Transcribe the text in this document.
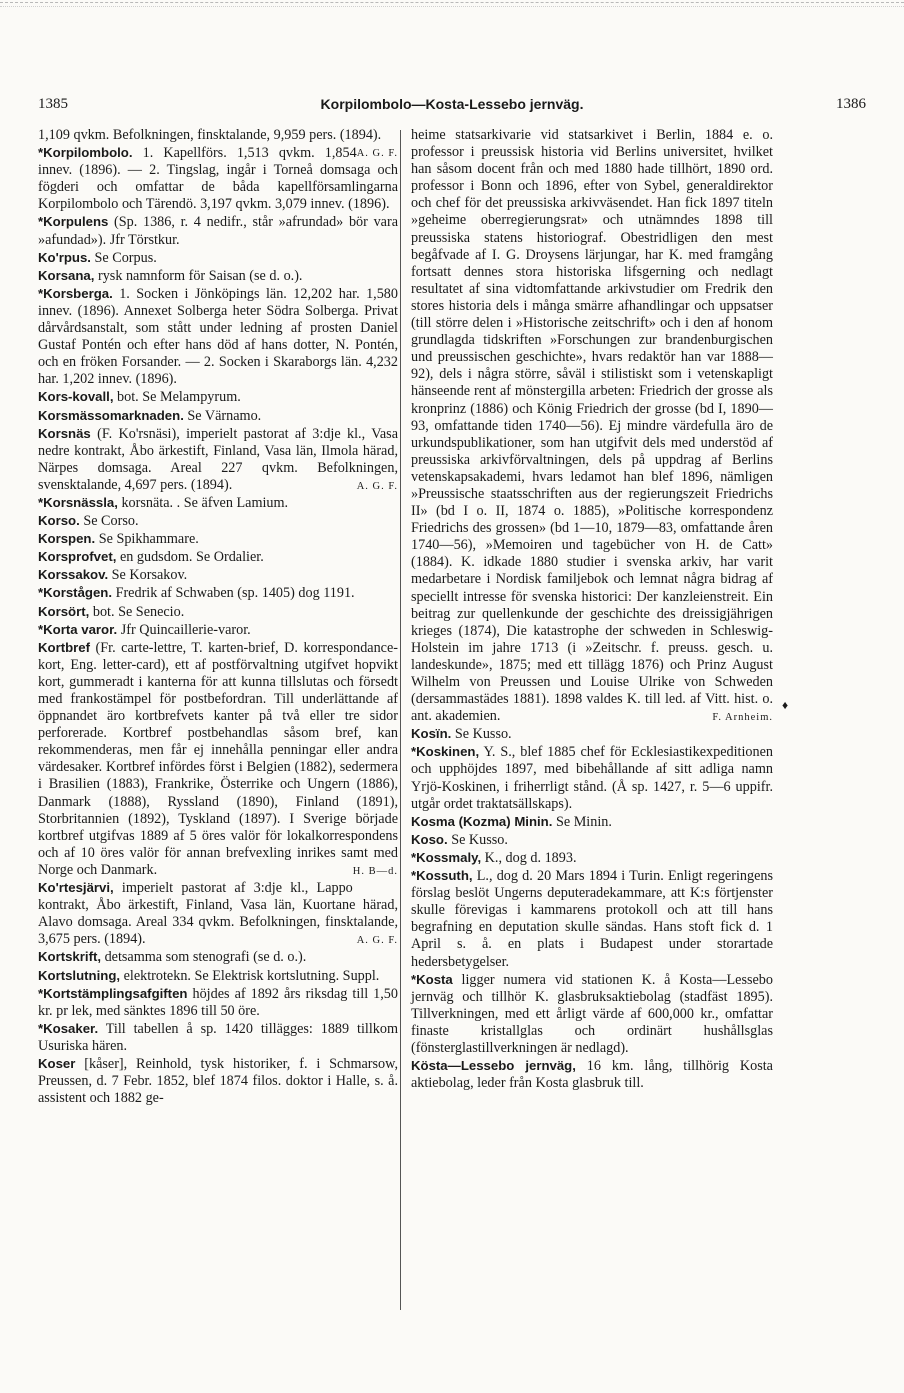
1385	Korpilombolo—Kosta-Lessebo jernväg.	1386

1,109 qvkm. Befolkningen, finsktalande, 9,959 pers. (1894).
A. G. F.

*Korpilombolo. 1. Kapellförs. 1,513 qvkm. 1,854 innev. (1896). — 2. Tingslag, ingår i Torneå domsaga och fögderi och omfattar de båda kapellförsamlingarna Korpilombolo och Tärendö. 3,197 qvkm. 3,079 innev. (1896).

*Korpulens (Sp. 1386, r. 4 nedifr., står »afrundad» bör vara »afundad»). Jfr Törstkur.

Ko'rpus. Se Corpus.

Korsana, rysk namnform för Saisan (se d. o.).

*Korsberga. 1. Socken i Jönköpings län. 12,202 har. 1,580 innev. (1896). Annexet Solberga heter Södra Solberga. Privat dårvårdsanstalt, som stått under ledning af prosten Daniel Gustaf Pontén och efter hans död af hans dotter, N. Pontén, och en fröken Forsander. — 2. Socken i Skaraborgs län. 4,232 har. 1,202 innev. (1896).

Kors-kovall, bot. Se Melampyrum.

Korsmässomarknaden. Se Värnamo.

Korsnäs (F. Ko'rsnäsi), imperielt pastorat af 3:dje kl., Vasa nedre kontrakt, Åbo ärkestift, Finland, Vasa län, Ilmola härad, Närpes domsaga. Areal 227 qvkm. Befolkningen, svensktalande, 4,697 pers. (1894).	A. G. F.

*Korsnässla, korsnäta. . Se äfven Lamium.

Korso. Se Corso.

Korspen. Se Spikhammare.

Korsprofvet, en gudsdom. Se Ordalier.

Korssakov. Se Korsakov.

*Korstågen. Fredrik af Schwaben (sp. 1405) dog 1191.

Korsört, bot. Se Senecio.

*Korta varor. Jfr Quincaillerie-varor.

Kortbref (Fr. carte-lettre, T. karten-brief, D. korrespondance-kort, Eng. letter-card), ett af postförvaltning utgifvet hopvikt kort, gummeradt i kanterna för att kunna tillslutas och försedt med frankostämpel för postbefordran. Till underlättande af öppnandet äro kortbrefvets kanter på två eller tre sidor perforerade. Kortbref postbehandlas såsom bref, kan rekommenderas, men får ej innehålla penningar eller andra värdesaker. Kortbref infördes först i Belgien (1882), sedermera i Brasilien (1883), Frankrike, Österrike och Ungern (1886), Danmark (1888), Ryssland (1890), Finland (1891), Storbritannien (1892), Tyskland (1897). I Sverige började kortbref utgifvas 1889 af 5 öres valör för lokalkorrespondens och af 10 öres valör för annan brefvexling inrikes samt med Norge och Danmark.	H. B—d.

Ko'rtesjärvi, imperielt pastorat af 3:dje kl., Lappo kontrakt, Åbo ärkestift, Finland, Vasa län, Kuortane härad, Alavo domsaga. Areal 334 qvkm. Befolkningen, finsktalande, 3,675 pers. (1894).	A. G. F.

Kortskrift, detsamma som stenografi (se d. o.).

Kortslutning, elektrotekn. Se Elektrisk kortslutning. Suppl.

*Kortstämplingsafgiften höjdes af 1892 års riksdag till 1,50 kr. pr lek, med sänktes 1896 till 50 öre.

*Kosaker. Till tabellen å sp. 1420 tillägges: 1889 tillkom Usuriska hären.

Koser [kåser], Reinhold, tysk historiker, f. i Schmarsow, Preussen, d. 7 Febr. 1852, blef 1874 filos. doktor i Halle, s. å. assistent och 1882 ge-

heime statsarkivarie vid statsarkivet i Berlin, 1884 e. o. professor i preussisk historia vid Berlins universitet, hvilket han såsom docent från och med 1880 hade tillhört, 1890 ord. professor i Bonn och 1896, efter von Sybel, generaldirektor och chef för det preussiska arkivväsendet. Han fick 1897 titeln »geheime oberregierungsrat» och utnämndes 1898 till preussiska statens historiograf. Obestridligen den mest begåfvade af I. G. Droysens lärjungar, har K. med framgång fortsatt dennes stora historiska lifsgerning och nedlagt resultatet af sina vidtomfattande arkivstudier om Fredrik den stores historia dels i många smärre afhandlingar och uppsatser (till större delen i »Historische zeitschrift» och i den af honom grundlagda tidskriften »Forschungen zur brandenburgischen und preussischen geschichte», hvars redaktör han var 1888—92), dels i några större, såväl i stilistiskt som i vetenskapligt hänseende rent af mönstergilla arbeten: Friedrich der grosse als kronprinz (1886) och König Friedrich der grosse (bd I, 1890—93, omfattande tiden 1740—56). Ej mindre värdefulla äro de urkundspublikationer, som han utgifvit dels med understöd af preussiska arkivförvaltningen, dels på uppdrag af Berlins vetenskapsakademi, hvars ledamot han blef 1896, nämligen »Preussische staatsschriften aus der regierungszeit Friedrichs II» (bd I o. II, 1874 o. 1885), »Politische korrespondenz Friedrichs des grossen» (bd 1—10, 1879—83, omfattande åren 1740—56), »Memoiren und tagebücher von H. de Catt» (1884). K. idkade 1880 studier i svenska arkiv, har varit medarbetare i Nordisk familjebok och lemnat några bidrag af speciellt intresse för svenska historici: Der kanzleienstreit. Ein beitrag zur quellenkunde der geschichte des dreissigjährigen krieges (1874), Die katastrophe der schweden in Schleswig-Holstein im jahre 1713 (i »Zeitschr. f. preuss. gesch. u. landeskunde», 1875; med ett tillägg 1876) och Prinz August Wilhelm von Preussen und Louise Ulrike von Schweden (dersammastädes 1881). 1898 valdes K. till led. af Vitt. hist. o. ant. akademien.	F. Arnheim.

Kosïn. Se Kusso.

*Koskinen, Y. S., blef 1885 chef för Ecklesiastikexpeditionen och upphöjdes 1897, med bibehållande af sitt adliga namn Yrjö-Koskinen, i friherrligt stånd. (Å sp. 1427, r. 5—6 uppifr. utgår ordet traktatsällskaps).

Kosma (Kozma) Minin. Se Minin.

Koso. Se Kusso.

*Kossmaly, K., dog d. 1893.

*Kossuth, L., dog d. 20 Mars 1894 i Turin. Enligt regeringens förslag beslöt Ungerns deputeradekammare, att K:s förtjenster skulle förevigas i kammarens protokoll och att till hans begrafning en deputation skulle sändas. Hans stoft fick d. 1 April s. å. en plats i Budapest under storartade hedersbetygelser.

*Kosta ligger numera vid stationen K. å Kosta—Lessebo jernväg och tillhör K. glasbruksaktiebolag (stadfäst 1895). Tillverkningen, med ett årligt värde af 600,000 kr., omfattar finaste kristallglas och ordinärt hushållsglas (fönsterglastillverkningen är nedlagd).

Kösta—Lessebo jernväg, 16 km. lång, tillhörig Kosta aktiebolag, leder från Kosta glasbruk till.

♦
